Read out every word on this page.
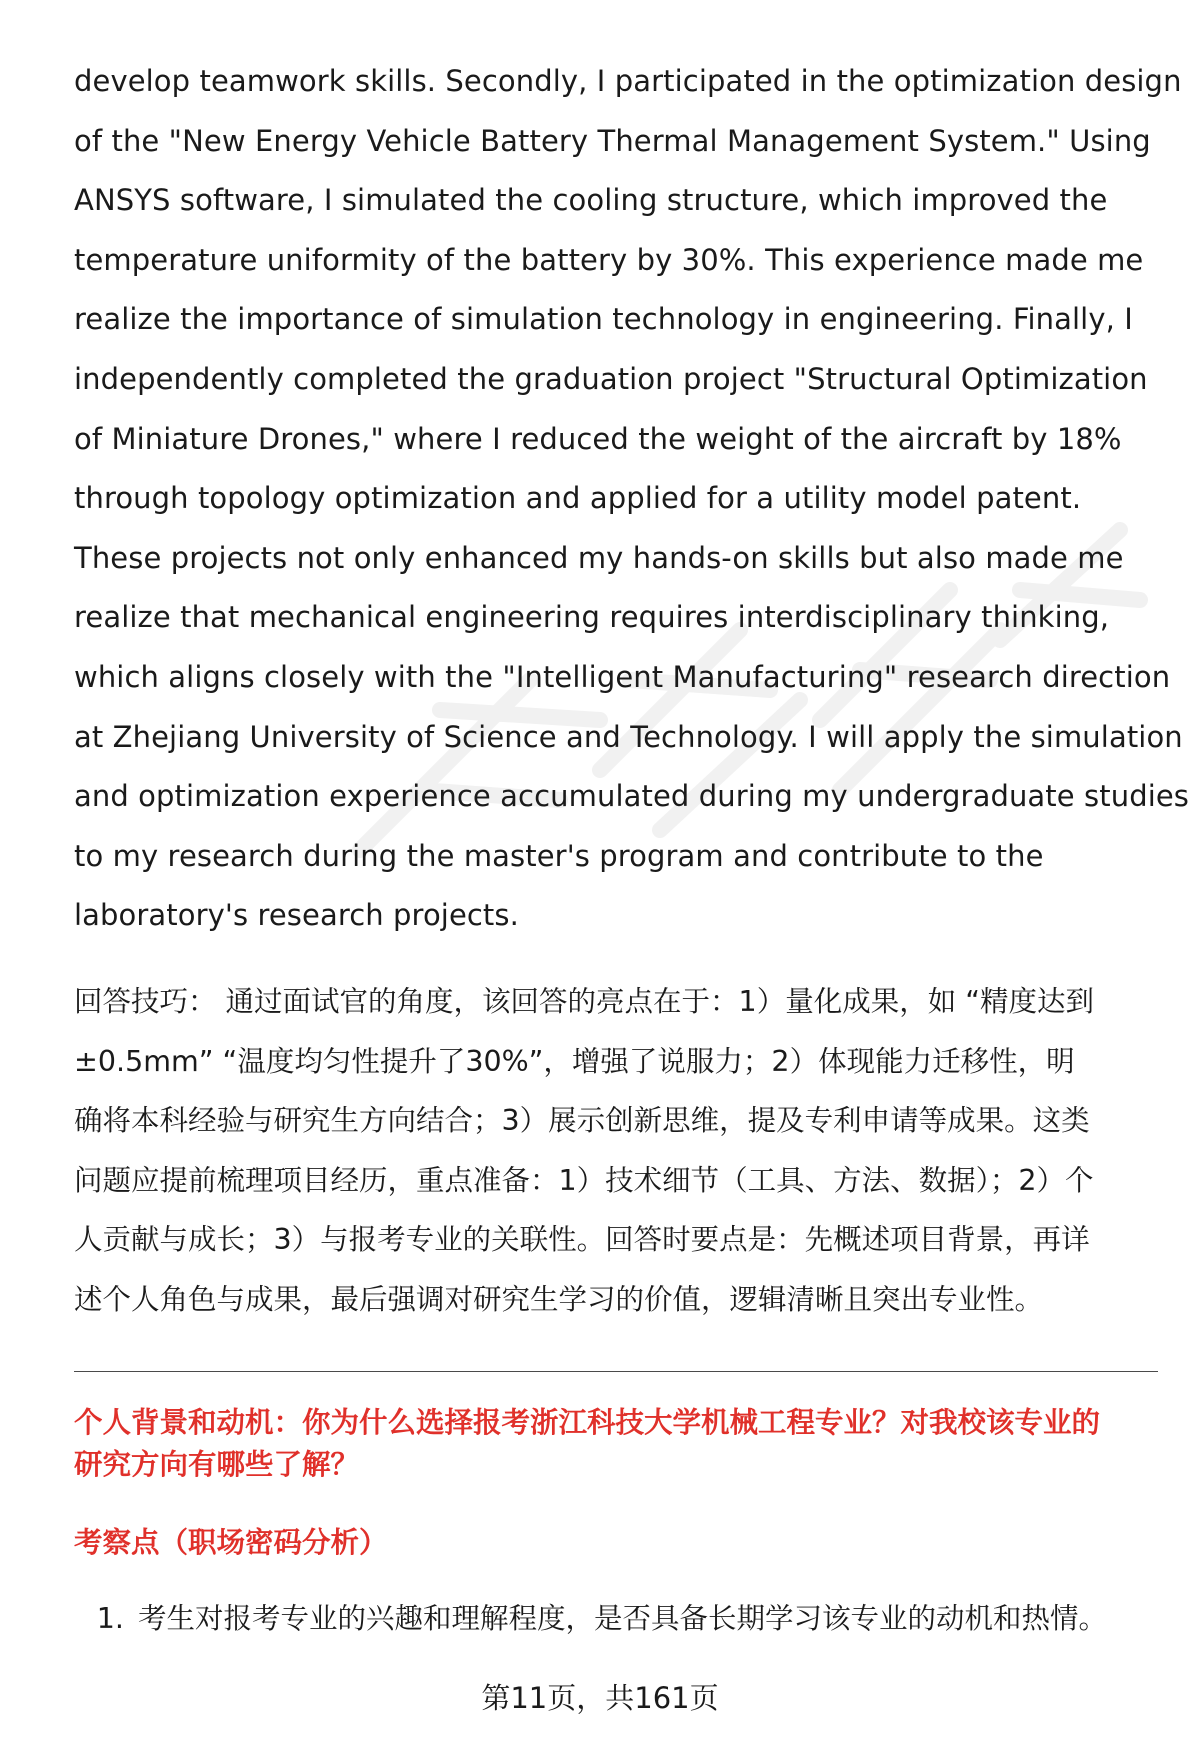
develop teamwork skills. Secondly, I participated in the optimization design
of the "New Energy Vehicle Battery Thermal Management System." Using
ANSYS software, I simulated the cooling structure, which improved the
temperature uniformity of the battery by 30%. This experience made me
realize the importance of simulation technology in engineering. Finally, I
independently completed the graduation project "Structural Optimization
of Miniature Drones," where I reduced the weight of the aircraft by 18%
through topology optimization and applied for a utility model patent.
These projects not only enhanced my hands-on skills but also made me
realize that mechanical engineering requires interdisciplinary thinking,
which aligns closely with the "Intelligent Manufacturing" research direction
at Zhejiang University of Science and Technology. I will apply the simulation
and optimization experience accumulated during my undergraduate studies
to my research during the master's program and contribute to the
laboratory's research projects.

回答技巧： 通过面试官的角度，该回答的亮点在于：1）量化成果，如 “精度达到
±0.5mm” “温度均匀性提升了30%”，增强了说服力；2）体现能力迁移性，明
确将本科经验与研究生方向结合；3）展示创新思维，提及专利申请等成果。这类
问题应提前梳理项目经历，重点准备：1）技术细节（工具、方法、数据）；2）个
人贡献与成长；3）与报考专业的关联性。回答时要点是：先概述项目背景，再详
述个人角色与成果，最后强调对研究生学习的价值，逻辑清晰且突出专业性。

个人背景和动机：你为什么选择报考浙江科技大学机械工程专业？对我校该专业的
研究方向有哪些了解？
考察点（职场密码分析）
1. 考生对报考专业的兴趣和理解程度，是否具备长期学习该专业的动机和热情。
第11页，共161页
